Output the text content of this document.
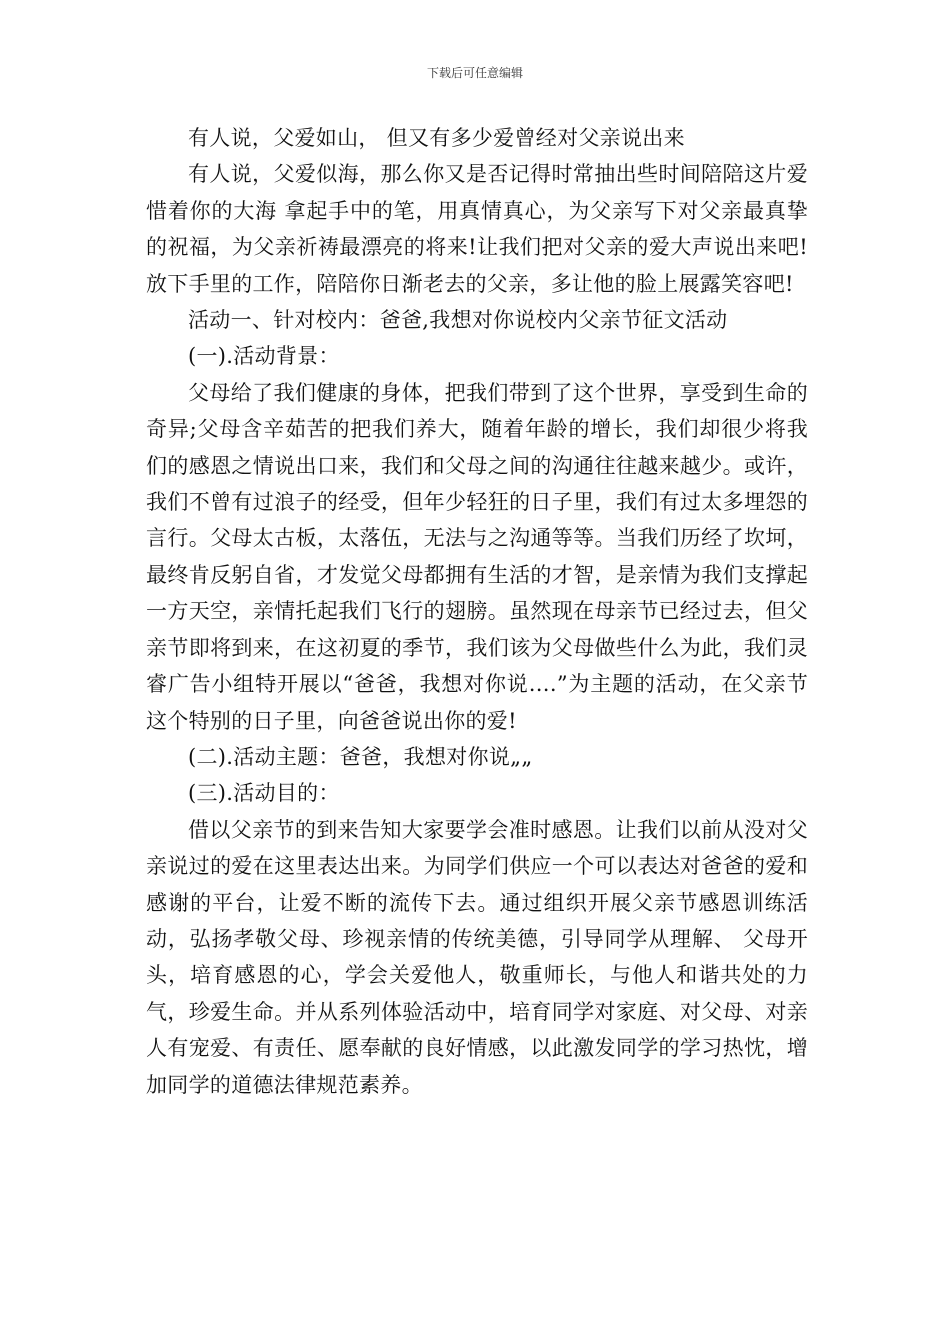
下载后可任意编辑

有人说，父爱如山， 但又有多少爱曾经对父亲说出来

有人说，父爱似海，那么你又是否记得时常抽出些时间陪陪这片爱惜着你的大海 拿起手中的笔，用真情真心，为父亲写下对父亲最真挚的祝福，为父亲祈祷最漂亮的将来!让我们把对父亲的爱大声说出来吧!放下手里的工作，陪陪你日渐老去的父亲，多让他的脸上展露笑容吧!

活动一、针对校内：爸爸,我想对你说校内父亲节征文活动

(一).活动背景：

父母给了我们健康的身体，把我们带到了这个世界，享受到生命的奇异;父母含辛茹苦的把我们养大，随着年龄的增长，我们却很少将我们的感恩之情说出口来，我们和父母之间的沟通往往越来越少。或许，我们不曾有过浪子的经受，但年少轻狂的日子里，我们有过太多埋怨的言行。父母太古板，太落伍，无法与之沟通等等。当我们历经了坎坷，最终肯反躬自省，才发觉父母都拥有生活的才智，是亲情为我们支撑起一方天空，亲情托起我们飞行的翅膀。虽然现在母亲节已经过去，但父亲节即将到来，在这初夏的季节，我们该为父母做些什么为此，我们灵睿广告小组特开展以“爸爸，我想对你说….”为主题的活动，在父亲节这个特别的日子里，向爸爸说出你的爱!

(二).活动主题：爸爸，我想对你说„„

(三).活动目的：

借以父亲节的到来告知大家要学会准时感恩。让我们以前从没对父亲说过的爱在这里表达出来。为同学们供应一个可以表达对爸爸的爱和感谢的平台，让爱不断的流传下去。通过组织开展父亲节感恩训练活动，弘扬孝敬父母、珍视亲情的传统美德，引导同学从理解、 父母开头，培育感恩的心，学会关爱他人，敬重师长，与他人和谐共处的力气，珍爱生命。并从系列体验活动中，培育同学对家庭、对父母、对亲人有宠爱、有责任、愿奉献的良好情感，以此激发同学的学习热忱，增加同学的道德法律规范素养。
